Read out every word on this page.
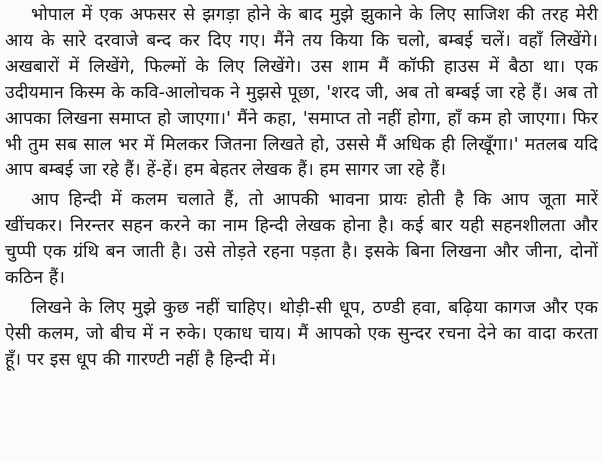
भोपाल में एक अफसर से झगड़ा होने के बाद मुझे झुकाने के लिए साजिश की तरह मेरी आय के सारे दरवाजे बन्द कर दिए गए। मैंने तय किया कि चलो, बम्बई चलें। वहाँ लिखेंगे। अखबारों में लिखेंगे, फिल्मों के लिए लिखेंगे। उस शाम मैं कॉफी हाउस में बैठा था। एक उदीयमान किस्म के कवि-आलोचक ने मुझसे पूछा, 'शरद जी, अब तो बम्बई जा रहे हैं। अब तो आपका लिखना समाप्त हो जाएगा।' मैंने कहा, 'समाप्त तो नहीं होगा, हाँ कम हो जाएगा। फिर भी तुम सब साल भर में मिलकर जितना लिखते हो, उससे मैं अधिक ही लिखूँगा।' मतलब यदि आप बम्बई जा रहे हैं। हें-हें। हम बेहतर लेखक हैं। हम सागर जा रहे हैं।

आप हिन्दी में कलम चलाते हैं, तो आपकी भावना प्रायः होती है कि आप जूता मारें खींचकर। निरन्तर सहन करने का नाम हिन्दी लेखक होना है। कई बार यही सहनशीलता और चुप्पी एक ग्रंथि बन जाती है। उसे तोड़ते रहना पड़ता है। इसके बिना लिखना और जीना, दोनों कठिन हैं।

लिखने के लिए मुझे कुछ नहीं चाहिए। थोड़ी-सी धूप, ठण्डी हवा, बढ़िया कागज और एक ऐसी कलम, जो बीच में न रुके। एकाध चाय। मैं आपको एक सुन्दर रचना देने का वादा करता हूँ। पर इस धूप की गारण्टी नहीं है हिन्दी में।
